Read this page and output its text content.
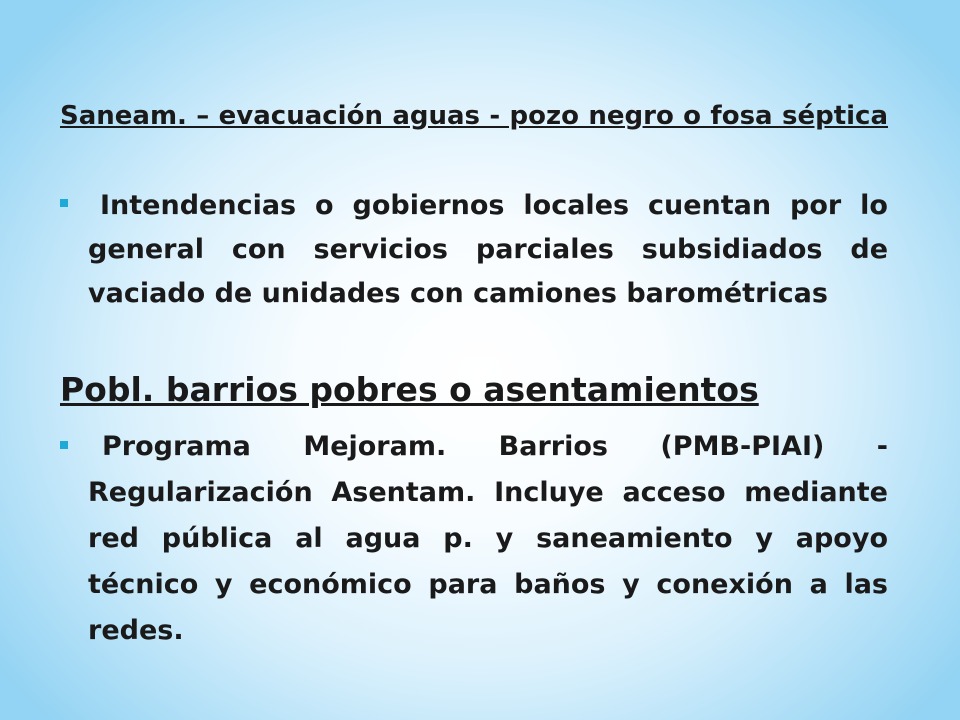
Saneam. – evacuación aguas - pozo negro o fosa séptica

Intendencias o gobiernos locales cuentan por lo general con servicios parciales subsidiados de vaciado de unidades con camiones barométricas

Pobl. barrios pobres o asentamientos

Programa Mejoram. Barrios (PMB-PIAI) - Regularización Asentam. Incluye acceso mediante red pública al agua p. y saneamiento y apoyo técnico y económico para baños y conexión a las redes.
